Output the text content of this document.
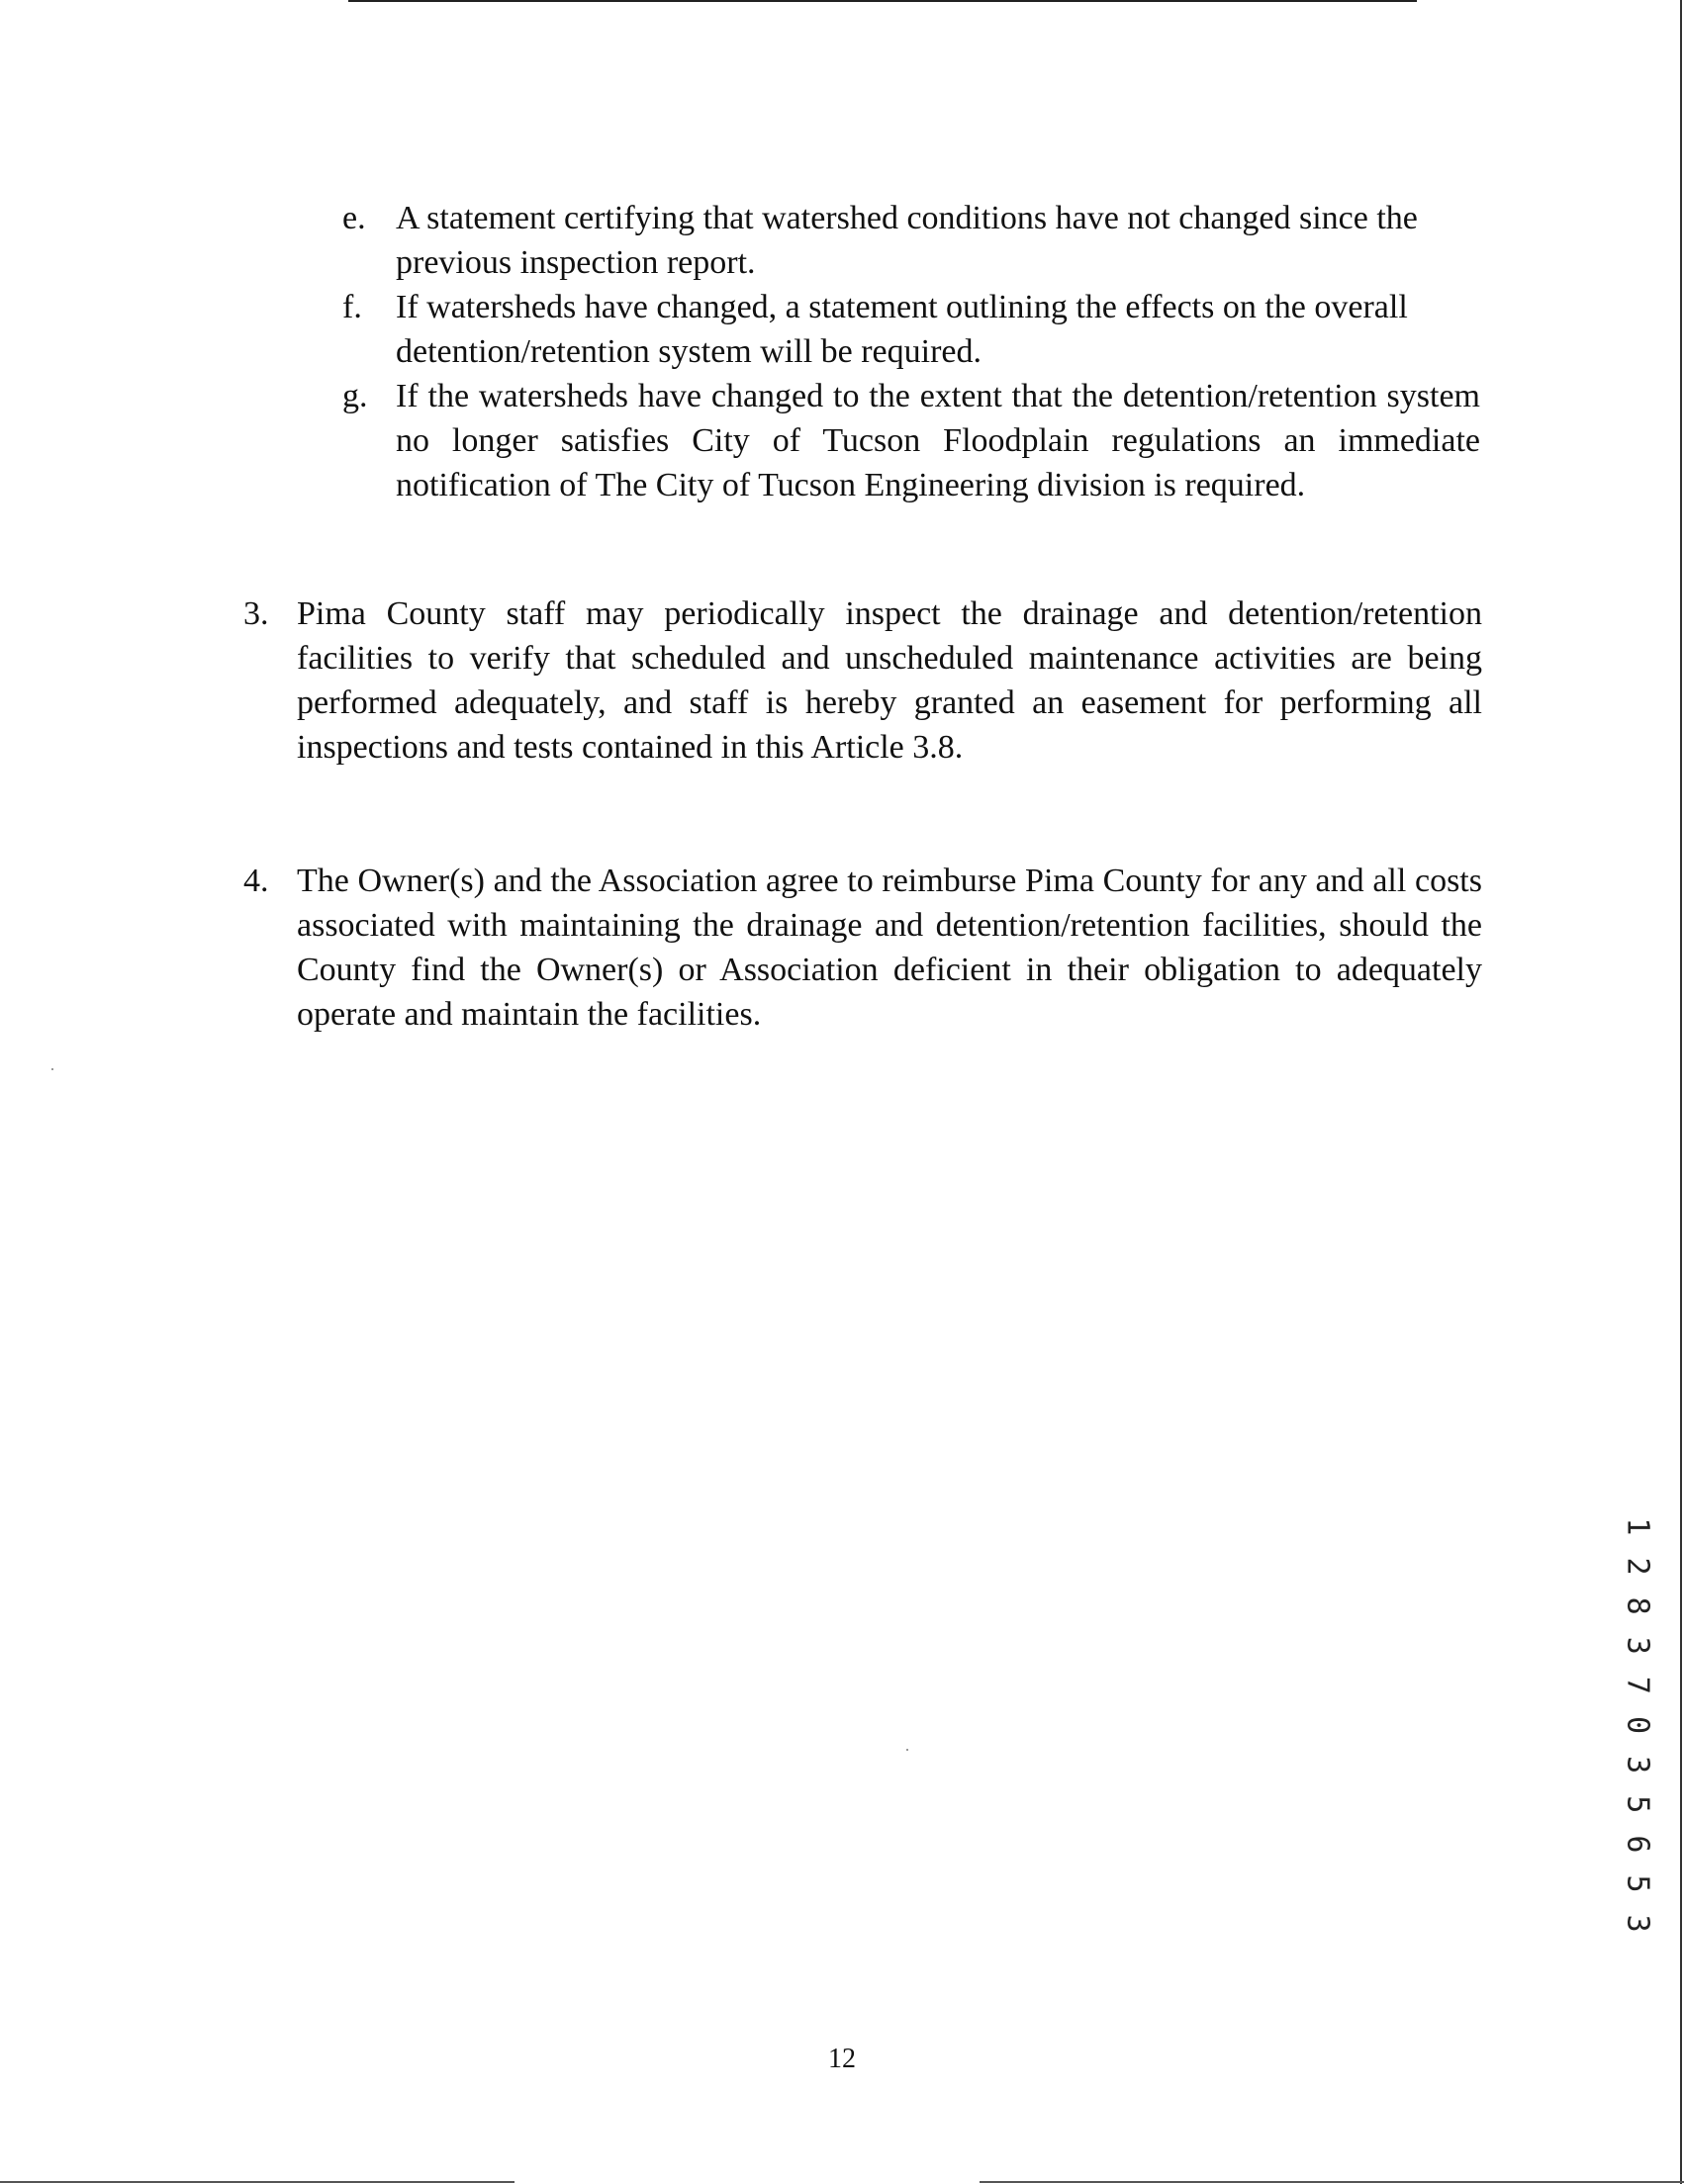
e. A statement certifying that watershed conditions have not changed since the previous inspection report.
f. If watersheds have changed, a statement outlining the effects on the overall detention/retention system will be required.
g. If the watersheds have changed to the extent that the detention/retention system no longer satisfies City of Tucson Floodplain regulations an immediate notification of The City of Tucson Engineering division is required.
3. Pima County staff may periodically inspect the drainage and detention/retention facilities to verify that scheduled and unscheduled maintenance activities are being performed adequately, and staff is hereby granted an easement for performing all inspections and tests contained in this Article 3.8.
4. The Owner(s) and the Association agree to reimburse Pima County for any and all costs associated with maintaining the drainage and detention/retention facilities, should the County find the Owner(s) or Association deficient in their obligation to adequately operate and maintain the facilities.
12
1 2 8 3 7 0 3 5 6 5 3
